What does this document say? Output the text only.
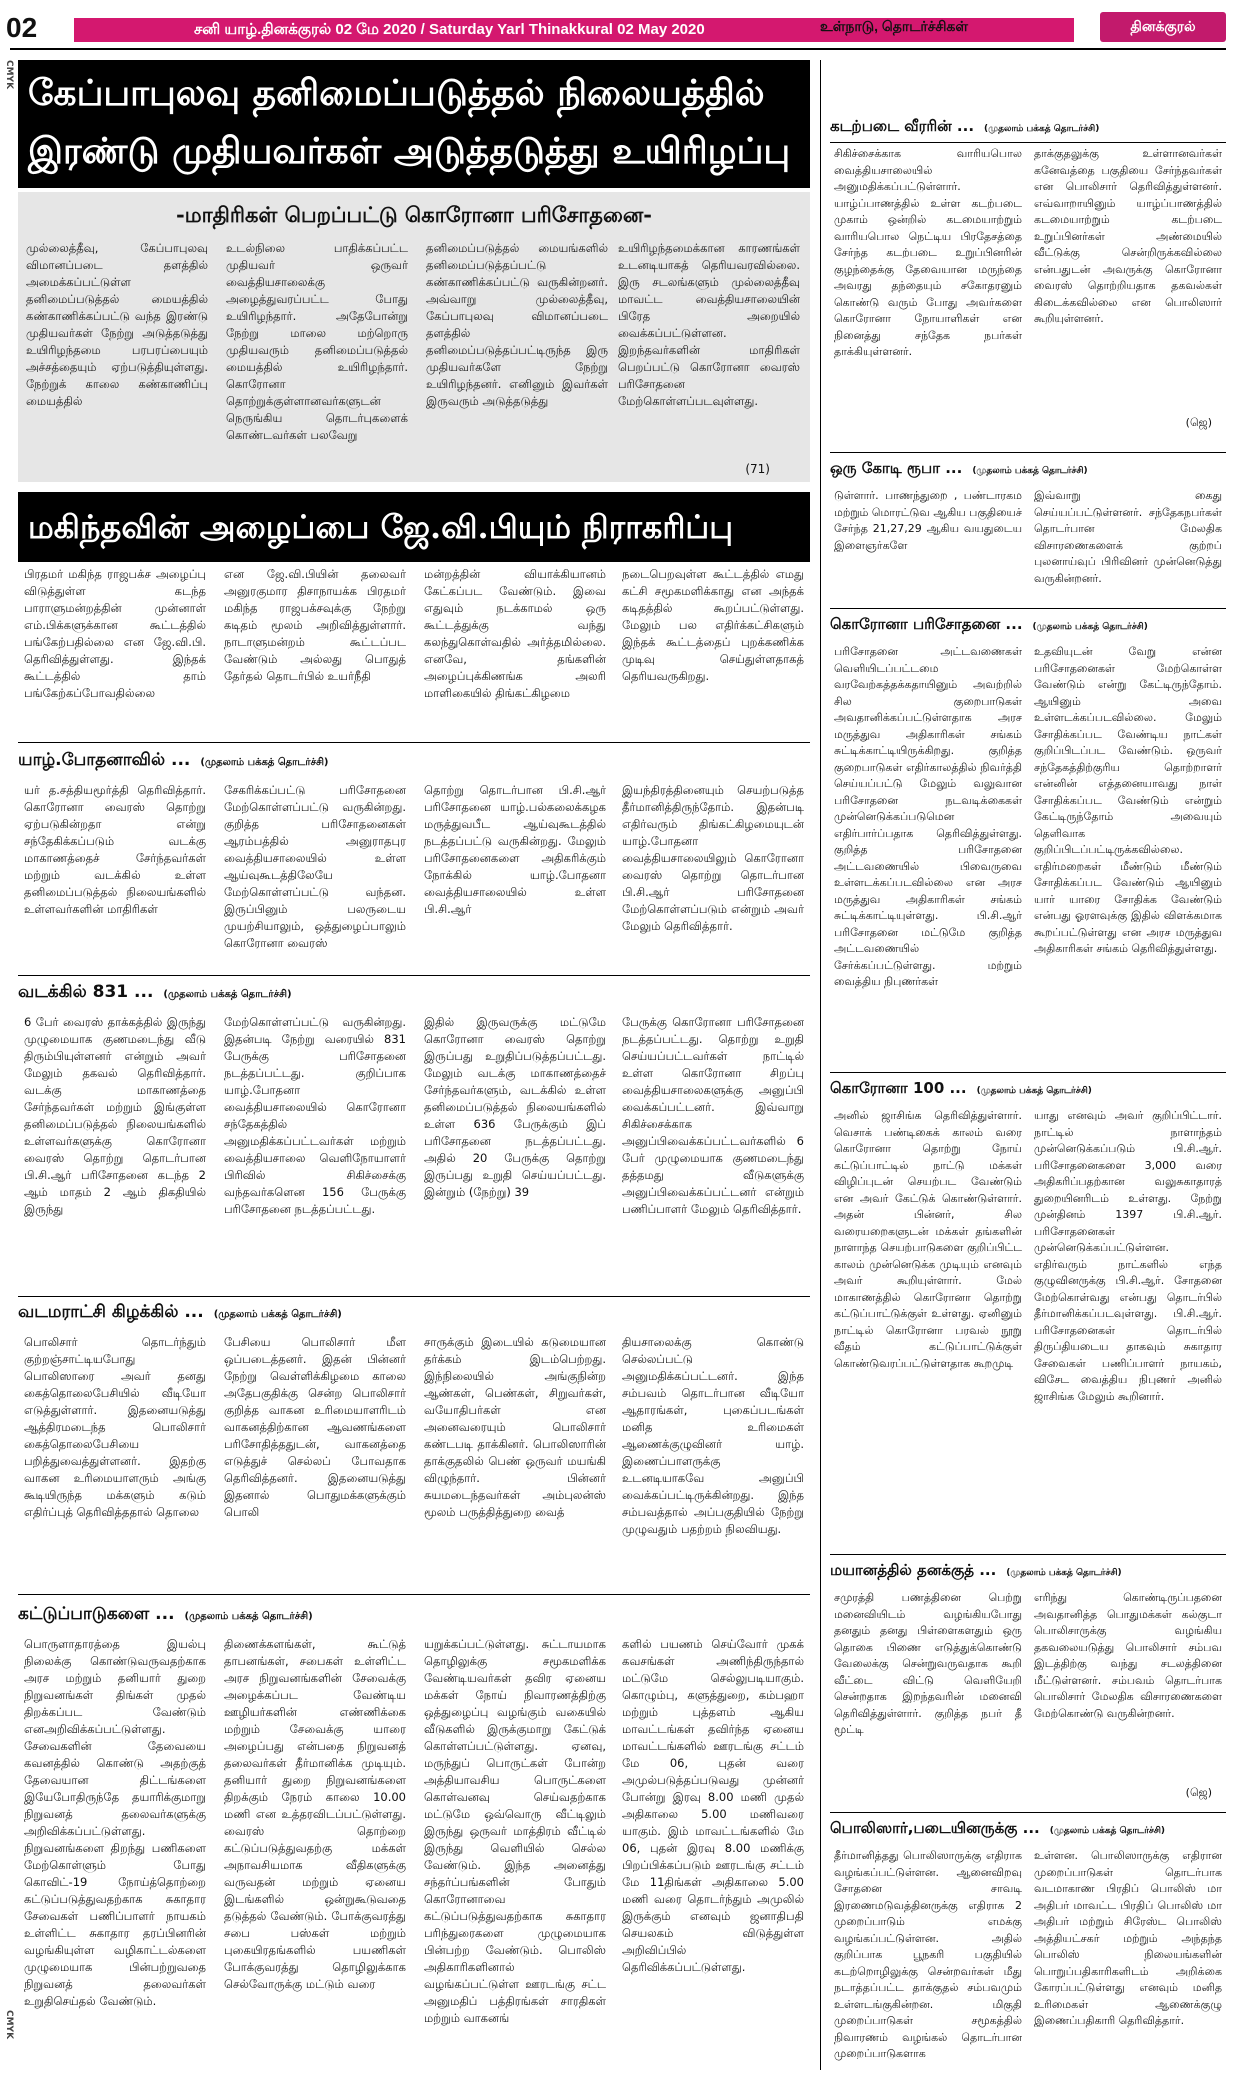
02	சனி யாழ்.தினக்குரல் 02 மே 2020 / Saturday Yarl Thinakkural 02 May 2020	உள்நாடு, தொடர்ச்சிகள்	தினக்குரல்
CMYK
CMYK
கேப்பாபுலவு தனிமைப்படுத்தல் நிலையத்தில்
இரண்டு முதியவர்கள் அடுத்தடுத்து உயிரிழப்பு
-மாதிரிகள் பெறப்பட்டு கொரோனா பரிசோதனை-
முல்லைத்தீவு, கேப்பாபுலவு விமானப்படை தளத்தில் அமைக்கப்பட்டுள்ள தனிமைப்படுத்தல் மையத்தில் கண்காணிக்கப்பட்டு வந்த இரண்டு முதியவர்கள் நேற்று அடுத்தடுத்து உயிரிழந்தமை பரபரப்பையும் அச்சத்தையும் ஏற்படுத்தியுள்ளது. நேற்றுக் காலை கண்காணிப்பு மையத்தில்
உடல்நிலை பாதிக்கப்பட்ட முதியவர் ஒருவர் வைத்தியசாலைக்கு அழைத்துவரப்பட்ட போது உயிரிழந்தார். அதேபோன்று நேற்று மாலை மற்றொரு முதியவரும் தனிமைப்படுத்தல் மையத்தில் உயிரிழந்தார். கொரோனா தொற்றுக்குள்ளானவர்களுடன் நெருங்கிய தொடர்புகளைக் கொண்டவர்கள் பலவேறு
தனிமைப்படுத்தல் மையங்களில் தனிமைப்படுத்தப்பட்டு கண்காணிக்கப்பட்டு வருகின்றனர். அவ்வாறு முல்லைத்தீவு, கேப்பாபுலவு விமானப்படை தளத்தில் தனிமைப்படுத்தப்பட்டிருந்த இரு முதியவர்களே நேற்று உயிரிழந்தனர். எனினும் இவர்கள் இருவரும் அடுத்தடுத்து
உயிரிழந்தமைக்கான காரணங்கள் உடனடியாகத் தெரியவரவில்லை. இரு சடலங்களும் முல்லைத்தீவு மாவட்ட வைத்தியசாலையின் பிரேத அறையில் வைக்கப்பட்டுள்ளன. இறந்தவர்களின் மாதிரிகள் பெறப்பட்டு கொரோனா வைரஸ் பரிசோதனை மேற்கொள்ளப்படவுள்ளது.
(71)
மகிந்தவின் அழைப்பை ஜே.வி.பியும் நிராகரிப்பு
பிரதமர் மகிந்த ராஜபக்ச அழைப்பு விடுத்துள்ள கடந்த பாராளுமன்றத்தின் முன்னாள் எம்.பிக்களுக்கான கூட்டத்தில் பங்கேற்பதில்லை என ஜே.வி.பி. தெரிவித்துள்ளது. இந்தக் கூட்டத்தில் தாம் பங்கேற்கப்போவதில்லை
என ஜே.வி.பியின் தலைவர் அனுரகுமார திசாநாயக்க பிரதமர் மகிந்த ராஜபக்சவுக்கு நேற்று கடிதம் மூலம் அறிவித்துள்ளார். நாடாளுமன்றம் கூட்டப்பட வேண்டும் அல்லது பொதுத் தேர்தல் தொடர்பில் உயர்நீதி
மன்றத்தின் வியாக்கியானம் கேட்கப்பட வேண்டும். இவை எதுவும் நடக்காமல் ஒரு கூட்டத்துக்கு வந்து கலந்துகொள்வதில் அர்த்தமில்லை. எனவே, தங்களின் அழைப்புக்கிணங்க அலரி மாளிகையில் திங்கட்கிழமை
நடைபெறவுள்ள கூட்டத்தில் எமது கட்சி சமூகமளிக்காது என அந்தக் கடிதத்தில் கூறப்பட்டுள்ளது. மேலும் பல எதிர்க்கட்சிகளும் இந்தக் கூட்டத்தைப் புறக்கணிக்க முடிவு செய்துள்ளதாகத் தெரியவருகிறது.
யாழ்.போதனாவில் ... (முதலாம் பக்கத் தொடர்ச்சி)
யர் த.சத்தியமூர்த்தி தெரிவித்தார். கொரோனா வைரஸ் தொற்று ஏற்படுகின்றதா என்று சந்தேகிக்கப்படும் வடக்கு மாகாணத்தைச் சேர்ந்தவர்கள் மற்றும் வடக்கில் உள்ள தனிமைப்படுத்தல் நிலையங்களில் உள்ளவர்களின் மாதிரிகள்
சேகரிக்கப்பட்டு பரிசோதனை மேற்கொள்ளப்பட்டு வருகின்றது. குறித்த பரிசோதனைகள் ஆரம்பத்தில் அனுராதபுர வைத்தியசாலையில் உள்ள ஆய்வுகூடத்திலேயே மேற்கொள்ளப்பட்டு வந்தன. இருப்பினும் பலருடைய முயற்சியாலும், ஒத்துழைப்பாலும் கொரோனா வைரஸ்
தொற்று தொடர்பான பி.சி.ஆர் பரிசோதனை யாழ்.பல்கலைக்கழக மருத்துவபீட ஆய்வுகூடத்தில் நடத்தப்பட்டு வருகின்றது. மேலும் பரிசோதனைகளை அதிகரிக்கும் நோக்கில் யாழ்.போதனா வைத்தியசாலையில் உள்ள பி.சி.ஆர்
இயந்திரத்தினையும் செயற்படுத்த தீர்மானித்திருந்தோம். இதன்படி எதிர்வரும் திங்கட்கிழமையுடன் யாழ்.போதனா வைத்தியசாலையிலும் கொரோனா வைரஸ் தொற்று தொடர்பான பி.சி.ஆர் பரிசோதனை மேற்கொள்ளப்படும் என்றும் அவர் மேலும் தெரிவித்தார்.
வடக்கில் 831 ... (முதலாம் பக்கத் தொடர்ச்சி)
6 பேர் வைரஸ் தாக்கத்தில் இருந்து முழுமையாக குணமடைந்து வீடு திரும்பியுள்ளனர் என்றும் அவர் மேலும் தகவல் தெரிவித்தார். வடக்கு மாகாணத்தை சேர்ந்தவர்கள் மற்றும் இங்குள்ள தனிமைப்படுத்தல் நிலையங்களில் உள்ளவர்களுக்கு கொரோனா வைரஸ் தொற்று தொடர்பான பி.சி.ஆர் பரிசோதனை கடந்த 2 ஆம் மாதம் 2 ஆம் திகதியில் இருந்து
மேற்கொள்ளப்பட்டு வருகின்றது. இதன்படி நேற்று வரையில் 831 பேருக்கு பரிசோதனை நடத்தப்பட்டது. குறிப்பாக யாழ்.போதனா வைத்தியசாலையில் கொரோனா சந்தேகத்தில் அனுமதிக்கப்பட்டவர்கள் மற்றும் வைத்தியசாலை வெளிநோயாளர் பிரிவில் சிகிச்சைக்கு வந்தவர்களென 156 பேருக்கு பரிசோதனை நடத்தப்பட்டது.
இதில் இருவருக்கு மட்டுமே கொரோனா வைரஸ் தொற்று இருப்பது உறுதிப்படுத்தப்பட்டது. மேலும் வடக்கு மாகாணத்தைச் சேர்ந்தவர்களும், வடக்கில் உள்ள தனிமைப்படுத்தல் நிலையங்களில் உள்ள 636 பேருக்கும் இப் பரிசோதனை நடத்தப்பட்டது. அதில் 20 பேருக்கு தொற்று இருப்பது உறுதி செய்யப்பட்டது. இன்றும் (நேற்று) 39
பேருக்கு கொரோனா பரிசோதனை நடத்தப்பட்டது. தொற்று உறுதி செய்யப்பட்டவர்கள் நாட்டில் உள்ள கொரோனா சிறப்பு வைத்தியசாலைகளுக்கு அனுப்பி வைக்கப்பட்டனர். இவ்வாறு சிகிச்சைக்காக அனுப்பிவைக்கப்பட்டவர்களில் 6 பேர் முழுமையாக குணமடைந்து தத்தமது வீடுகளுக்கு அனுப்பிவைக்கப்பட்டனர் என்றும் பணிப்பாளர் மேலும் தெரிவித்தார்.
வடமராட்சி கிழக்கில் ... (முதலாம் பக்கத் தொடர்ச்சி)
பொலிசார் தொடர்ந்தும் குற்றஞ்சாட்டியபோது பொலிஸாரை அவர் தனது கைத்தொலைபேசியில் வீடியோ எடுத்துள்ளார். இதனையடுத்து ஆத்திரமடைந்த பொலிசார் கைத்தொலைபேசியை பறித்துவைத்துள்ளனர். இதற்கு வாகன உரிமையாளரும் அங்கு கூடியிருந்த மக்களும் கடும் எதிர்ப்புத் தெரிவித்ததால் தொலை
பேசியை பொலிசார் மீள ஒப்படைத்தனர். இதன் பின்னர் நேற்று வெள்ளிக்கிழமை காலை அதேபகுதிக்கு சென்ற பொலிசார் குறித்த வாகன உரிமையாளரிடம் வாகனத்திற்கான ஆவணங்களை பரிசோதித்ததுடன், வாகனத்தை எடுத்துச் செல்லப் போவதாக தெரிவித்தனர். இதனையடுத்து இதனால் பொதுமக்களுக்கும் பொலி
சாருக்கும் இடையில் கடுமையான தர்க்கம் இடம்பெற்றது. இந்நிலையில் அங்குநின்ற ஆண்கள், பெண்கள், சிறுவர்கள், வயோதிபர்கள் என அனைவரையும் பொலிசார் கண்டபடி தாக்கினர். பொலிஸாரின் தாக்குதலில் பெண் ஒருவர் மயங்கி விழுந்தார். பின்னர் சுயமடைந்தவர்கள் அம்புலன்ஸ் மூலம் பருத்தித்துறை வைத்
தியசாலைக்கு கொண்டு செல்லப்பட்டு அனுமதிக்கப்பட்டனர். இந்த சம்பவம் தொடர்பான வீடியோ ஆதாரங்கள், புகைப்படங்கள் மனித உரிமைகள் ஆணைக்குழுவினர் யாழ். இணைப்பாளருக்கு உடனடியாகவே அனுப்பி வைக்கப்பட்டிருக்கின்றது. இந்த சம்பவத்தால் அப்பகுதியில் நேற்று முழுவதும் பதற்றம் நிலவியது.
கட்டுப்பாடுகளை ... (முதலாம் பக்கத் தொடர்ச்சி)
பொருளாதாரத்தை இயல்பு நிலைக்கு கொண்டுவருவதற்காக அரச மற்றும் தனியார் துறை நிறுவனங்கள் திங்கள் முதல் திறக்கப்பட வேண்டும் எனஅறிவிக்கப்பட்டுள்ளது. சேவைகளின் தேவையை கவனத்தில் கொண்டு அதற்குத் தேவையான திட்டங்களை இயேபோதிருந்தே தயாரிக்குமாறு நிறுவனத் தலைவர்களுக்கு அறிவிக்கப்பட்டுள்ளது. நிறுவனங்களை திறந்து பணிகளை மேற்கொள்ளும் போது கொவிட்-19 நோய்த்தொற்றை கட்டுப்படுத்துவதற்காக சுகாதார சேவைகள் பணிப்பாளர் நாயகம் உள்ளிட்ட சுகாதார தரப்பினரின் வழங்கியுள்ள வழிகாட்டல்களை முழுமையாக பின்பற்றுவதை நிறுவனத் தலைவர்கள் உறுதிசெய்தல் வேண்டும்.
திணைக்களங்கள், கூட்டுத் தாபனங்கள், சபைகள் உள்ளிட்ட அரச நிறுவனங்களின் சேவைக்கு அழைக்கப்பட வேண்டிய ஊழியர்களின் எண்ணிக்கை மற்றும் சேவைக்கு யாரை அழைப்பது என்பதை நிறுவனத் தலைவர்கள் தீர்மானிக்க முடியும். தனியார் துறை நிறுவனங்களை திறக்கும் நேரம் காலை 10.00 மணி என உத்தரவிடப்பட்டுள்ளது. வைரஸ் தொற்றை கட்டுப்படுத்துவதற்கு மக்கள் அநாவசியமாக வீதிகளுக்கு வருவதன் மற்றும் ஏனைய இடங்களில் ஒன்றுகூடுவதை தடுத்தல் வேண்டும். போக்குவரத்து சபை பஸ்கள் மற்றும் புகையிரதங்களில் பயணிகள் போக்குவரத்து தொழிலுக்காக செல்வோருக்கு மட்டும் வரை
யறுக்கப்பட்டுள்ளது. சுட்டாயமாக தொழிலுக்கு சமூகமளிக்க வேண்டியவர்கள் தவிர ஏனைய மக்கள் நோய் நிவாரணத்திற்கு ஒத்துழைப்பு வழங்கும் வகையில் வீடுகளில் இருக்குமாறு கேட்டுக் கொள்ளப்பட்டுள்ளது. ஏனவு, மருந்துப் பொருட்கள் போன்ற அத்தியாவசிய பொருட்களை கொள்வனவு செய்வதற்காக மட்டுமே ஒவ்வொரு வீட்டிலும் இருந்து ஒருவர் மாத்திரம் வீட்டில் இருந்து வெளியில் செல்ல வேண்டும். இந்த அனைத்து சந்தர்ப்பங்களின் போதும் கொரோனாவை கட்டுப்படுத்துவதற்காக சுகாதார பரிந்துரைகளை முழுமையாக பின்பற்ற வேண்டும். பொலிஸ் அதிகாரிகளினால் வழங்கப்பட்டுள்ள ஊரடங்கு சட்ட அனுமதிப் பத்திரங்கள் சாரதிகள் மற்றும் வாகனங்
களில் பயணம் செய்வோர் முகக் கவசங்கள் அணிந்திருந்தால் மட்டுமே செல்லுபடியாகும். கொழும்பு, களுத்துறை, கம்பஹா மற்றும் புத்தளம் ஆகிய மாவட்டங்கள் தவிர்ந்த ஏனைய மாவட்டங்களில் ஊரடங்கு சட்டம் மே 06, புதன் வரை அமுல்படுத்தப்படுவது முன்னர் போன்று இரவு 8.00 மணி முதல் அதிகாலை 5.00 மணிவரை யாகும். இம் மாவட்டங்களில் மே 06, புதன் இரவு 8.00 மணிக்கு பிறப்பிக்கப்படும் ஊரடங்கு சட்டம் மே 11திங்கள் அதிகாலை 5.00 மணி வரை தொடர்ந்தும் அமுலில் இருக்கும் எனவும் ஜனாதிபதி செயலகம் விடுத்துள்ள அறிவிப்பில் தெரிவிக்கப்பட்டுள்ளது.
கடற்படை வீரரின் ... (முதலாம் பக்கத் தொடர்ச்சி)
சிகிச்சைக்காக வாரியபொல வைத்தியசாலையில் அனுமதிக்கப்பட்டுள்ளார். யாழ்ப்பாணத்தில் உள்ள கடற்படை முகாம் ஒன்றில் கடமையாற்றும் வாரியபொல நெட்டிய பிரதேசத்தை சேர்ந்த கடற்படை உறுப்பினரின் குழந்தைக்கு தேவையான மருந்தை அவரது தந்தையும் சகோதரனும் கொண்டு வரும் போது அவர்களை கொரோனா நோயாளிகள் என நினைத்து சந்தேக நபர்கள் தாக்கியுள்ளனர்.
தாக்குதலுக்கு உள்ளானவர்கள் கனேவத்தை பகுதியை சேர்ந்தவர்கள் என பொலிசார் தெரிவித்துள்ளனர். எவ்வாறாயினும் யாழ்ப்பாணத்தில் கடமையாற்றும் கடற்படை உறுப்பினர்கள் அண்மையில் வீட்டுக்கு சென்றிருக்கவில்லை என்பதுடன் அவருக்கு கொரோனா வைரஸ் தொற்றியதாக தகவல்கள் கிடைக்கவில்லை என பொலிஸார் கூறியுள்ளனர்.
(ஜெ)
ஒரு கோடி ரூபா ... (முதலாம் பக்கத் தொடர்ச்சி)
டுள்ளார். பாணந்துறை , பண்டாரகம மற்றும் மொரட்டுவ ஆகிய பகுதியைச் சேர்ந்த 21,27,29 ஆகிய வயதுடைய இளைஞர்களே
இவ்வாறு கைது செய்யப்பட்டுள்ளனர். சந்தேகநபர்கள் தொடர்பான மேலதிக விசாரணைகளைக் குற்றப் புலனாய்வுப் பிரிவினர் முன்னெடுத்து வருகின்றனர்.
கொரோனா பரிசோதனை ... (முதலாம் பக்கத் தொடர்ச்சி)
பரிசோதனை அட்டவணைகள் வெளியிடப்பட்டமை வரவேற்கத்தக்கதாயினும் அவற்றில் சில குறைபாடுகள் அவதானிக்கப்பட்டுள்ளதாக அரச மருத்துவ அதிகாரிகள் சங்கம் சுட்டிக்காட்டியிருக்கிறது. குறித்த குறைபாடுகள் எதிர்காலத்தில் நிவர்த்தி செய்யப்பட்டு மேலும் வலுவான பரிசோதனை நடவடிக்கைகள் முன்னெடுக்கப்படுமென எதிர்பார்ப்பதாக தெரிவித்துள்ளது. குறித்த பரிசோதனை அட்டவணையில் பிவைருவை உள்ளடக்கப்படவில்லை என அரச மருத்துவ அதிகாரிகள் சங்கம் சுட்டிக்காட்டியுள்ளது. பி.சி.ஆர் பரிசோதனை மட்டுமே குறித்த அட்டவணையில் சேர்க்கப்பட்டுள்ளது. மற்றும் வைத்திய நிபுணர்கள்
உதவியுடன் வேறு என்ன பரிசோதனைகள் மேற்கொள்ள வேண்டும் என்று கேட்டிருந்தோம். ஆயினும் அவை உள்ளடக்கப்படவில்லை. மேலும் சோதிக்கப்பட வேண்டிய நாட்கள் குறிப்பிடப்பட வேண்டும். ஒருவர் சந்தேகத்திற்குரிய தொற்றாளர் என்னின் எத்தனையாவது நாள் சோதிக்கப்பட வேண்டும் என்றும் கேட்டிருந்தோம் அவையும் தெளிவாக குறிப்பிடப்பட்டிருக்கவில்லை. எதிர்மறைகள் மீண்டும் மீண்டும் சோதிக்கப்பட வேண்டும் ஆயினும் யார் யாரை சோதிக்க வேண்டும் என்பது ஓரளவுக்கு இதில் விளக்கமாக கூறப்பட்டுள்ளது என அரச மருத்துவ அதிகாரிகள் சங்கம் தெரிவித்துள்ளது.
கொரோனா 100 ... (முதலாம் பக்கத் தொடர்ச்சி)
அனில் ஜாசிங்க தெரிவித்துள்ளார். வெசாக் பண்டிகைக் காலம் வரை கொரோனா தொற்று நோய் கட்டுப்பாட்டில் நாட்டு மக்கள் விழிப்புடன் செயற்பட வேண்டும் என அவர் கேட்டுக் கொண்டுள்ளார். அதன் பின்னர், சில வரையறைகளுடன் மக்கள் தங்களின் நாளாந்த செயற்பாடுகளை குறிப்பிட்ட காலம் முன்னெடுக்க முடியும் எனவும் அவர் கூறியுள்ளார். மேல் மாகாணத்தில் கொரோனா தொற்று கட்டுப்பாட்டுக்குள் உள்ளது. ஏனினும் நாட்டில் கொரோனா பரவல் நூறு வீதம் கட்டுப்பாட்டுக்குள் கொண்டுவரப்பட்டுள்ளதாக கூறமுடி
யாது எனவும் அவர் குறிப்பிட்டார். நாட்டில் நாளாந்தம் முன்னெடுக்கப்படும் பி.சி.ஆர். பரிசோதனைகளை 3,000 வரை அதிகரிப்பதற்கான வலுசுகாதாரத் துறையினரிடம் உள்ளது. நேற்று முன்தினம் 1397 பி.சி.ஆர். பரிசோதனைகள் முன்னெடுக்கப்பட்டுள்ளன. எதிர்வரும் நாட்களில் எந்த குழுவினருக்கு பி.சி.ஆர். சோதனை மேற்கொள்வது என்பது தொடர்பில் தீர்மானிக்கப்படவுள்ளது. பி.சி.ஆர். பரிசோதனைகள் தொடர்பில் திருப்தியடைய தாகவும் சுகாதார சேவைகள் பணிப்பாளர் நாயகம், விசேட வைத்திய நிபுணர் அனில் ஜாசிங்க மேலும் கூறினார்.
மயானத்தில் தனக்குத் ... (முதலாம் பக்கத் தொடர்ச்சி)
சமுரத்தி பணத்தினை பெற்று மனைவியிடம் வழங்கியபோது தனதும் தனது பிள்ளைகளதும் ஒரு தொகை பிணை எடுத்துக்கொண்டு வேலைக்கு சென்றுவருவதாக கூறி வீட்டை விட்டு வெளியேறி சென்றதாக இறந்தவரின் மனைவி தெரிவித்துள்ளார். குறித்த நபர் தீ மூட்டி
எரிந்து கொண்டிருப்பதனை அவதானித்த பொதுமக்கள் கல்குடா பொலிசாருக்கு வழங்கிய தகவலையடுத்து பொலிசார் சம்பவ இடத்திற்கு வந்து சடலத்தினை மீட்டுள்ளனர். சம்பவம் தொடர்பாக பொலிசார் மேலதிக விசாரணைகளை மேற்கொண்டு வருகின்றனர்.
(ஜெ)
பொலிஸார்,படையினருக்கு ... (முதலாம் பக்கத் தொடர்ச்சி)
தீர்மானித்தது பொலிஸாருக்கு எதிராக வழங்கப்பட்டுள்ளன. ஆனைவிறவு சோதனை சாவடி இரணைமடுவத்தினருக்கு எதிராக 2 முறைப்பாடும் எமக்கு வழங்கப்பட்டுள்ளன. அதில் குறிப்பாக பூநகரி பகுதியில் கடற்றொழிலுக்கு சென்றவர்கள் மீது நடாத்தப்பட்ட தாக்குதல் சம்பவமும் உள்ளடங்குகின்றன. மிகுதி முறைப்பாடுகள் சமூகத்தில் நிவாரணம் வழங்கல் தொடர்பான முறைப்பாடுகளாக
உள்ளன. பொலிஸாருக்கு எதிரான முறைப்பாடுகள் தொடர்பாக வடமாகாண பிரதிப் பொலிஸ் மா அதிபர் மாவட்ட பிரதிப் பொலிஸ் மா அதிபர் மற்றும் சிரேஸ்ட பொலிஸ் அத்தியட்சகர் மற்றும் அந்தந்த பொலிஸ் நிலையங்களின் பொறுப்பதிகாரிகளிடம் அறிக்கை கோரப்பட்டுள்ளது எனவும் மனித உரிமைகள் ஆணைக்குழு இணைப்பதிகாரி தெரிவித்தார்.
